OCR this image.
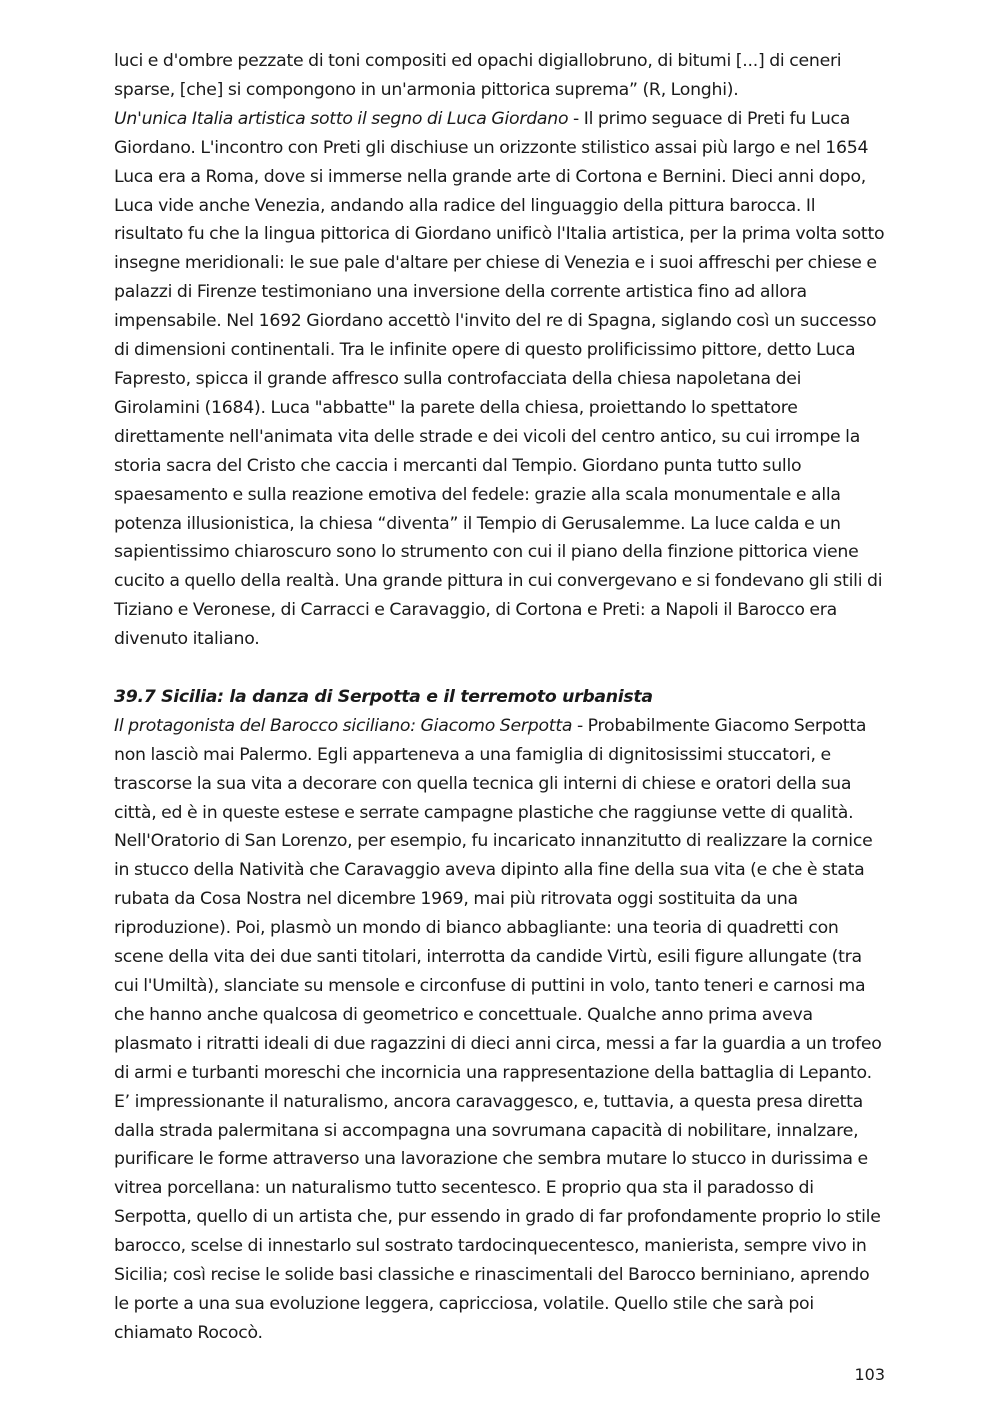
luci e d'ombre pezzate di toni compositi ed opachi digiallobruno, di bitumi [...] di ceneri sparse, [che] si compongono in un'armonia pittorica suprema” (R, Longhi).

Un'unica Italia artistica sotto il segno di Luca Giordano - Il primo seguace di Preti fu Luca Giordano. L'incontro con Preti gli dischiuse un orizzonte stilistico assai più largo e nel 1654 Luca era a Roma, dove si immerse nella grande arte di Cortona e Bernini. Dieci anni dopo, Luca vide anche Venezia, andando alla radice del linguaggio della pittura barocca. Il risultato fu che la lingua pittorica di Giordano unificò l'Italia artistica, per la prima volta sotto insegne meridionali: le sue pale d'altare per chiese di Venezia e i suoi affreschi per chiese e palazzi di Firenze testimoniano una inversione della corrente artistica fino ad allora impensabile. Nel 1692 Giordano accettò l'invito del re di Spagna, siglando così un successo di dimensioni continentali. Tra le infinite opere di questo prolificissimo pittore, detto Luca Fapresto, spicca il grande affresco sulla controfacciata della chiesa napoletana dei Girolamini (1684). Luca "abbatte" la parete della chiesa, proiettando lo spettatore direttamente nell'animata vita delle strade e dei vicoli del centro antico, su cui irrompe la storia sacra del Cristo che caccia i mercanti dal Tempio. Giordano punta tutto sullo spaesamento e sulla reazione emotiva del fedele: grazie alla scala monumentale e alla potenza illusionistica, la chiesa “diventa” il Tempio di Gerusalemme. La luce calda e un sapientissimo chiaroscuro sono lo strumento con cui il piano della finzione pittorica viene cucito a quello della realtà. Una grande pittura in cui convergevano e si fondevano gli stili di Tiziano e Veronese, di Carracci e Caravaggio, di Cortona e Preti: a Napoli il Barocco era divenuto italiano.

39.7 Sicilia: la danza di Serpotta e il terremoto urbanista

Il protagonista del Barocco siciliano: Giacomo Serpotta - Probabilmente Giacomo Serpotta non lasciò mai Palermo. Egli apparteneva a una famiglia di dignitosissimi stuccatori, e trascorse la sua vita a decorare con quella tecnica gli interni di chiese e oratori della sua città, ed è in queste estese e serrate campagne plastiche che raggiunse vette di qualità. Nell'Oratorio di San Lorenzo, per esempio, fu incaricato innanzitutto di realizzare la cornice in stucco della Natività che Caravaggio aveva dipinto alla fine della sua vita (e che è stata rubata da Cosa Nostra nel dicembre 1969, mai più ritrovata oggi sostituita da una riproduzione). Poi, plasmò un mondo di bianco abbagliante: una teoria di quadretti con scene della vita dei due santi titolari, interrotta da candide Virtù, esili figure allungate (tra cui l'Umiltà), slanciate su mensole e circonfuse di puttini in volo, tanto teneri e carnosi ma che hanno anche qualcosa di geometrico e concettuale. Qualche anno prima aveva plasmato i ritratti ideali di due ragazzini di dieci anni circa, messi a far la guardia a un trofeo di armi e turbanti moreschi che incornicia una rappresentazione della battaglia di Lepanto. E’ impressionante il naturalismo, ancora caravaggesco, e, tuttavia, a questa presa diretta dalla strada palermitana si accompagna una sovrumana capacità di nobilitare, innalzare, purificare le forme attraverso una lavorazione che sembra mutare lo stucco in durissima e vitrea porcellana: un naturalismo tutto secentesco. E proprio qua sta il paradosso di Serpotta, quello di un artista che, pur essendo in grado di far profondamente proprio lo stile barocco, scelse di innestarlo sul sostrato tardocinquecentesco, manierista, sempre vivo in Sicilia; così recise le solide basi classiche e rinascimentali del Barocco berniniano, aprendo le porte a una sua evoluzione leggera, capricciosa, volatile. Quello stile che sarà poi chiamato Rococò.

103
